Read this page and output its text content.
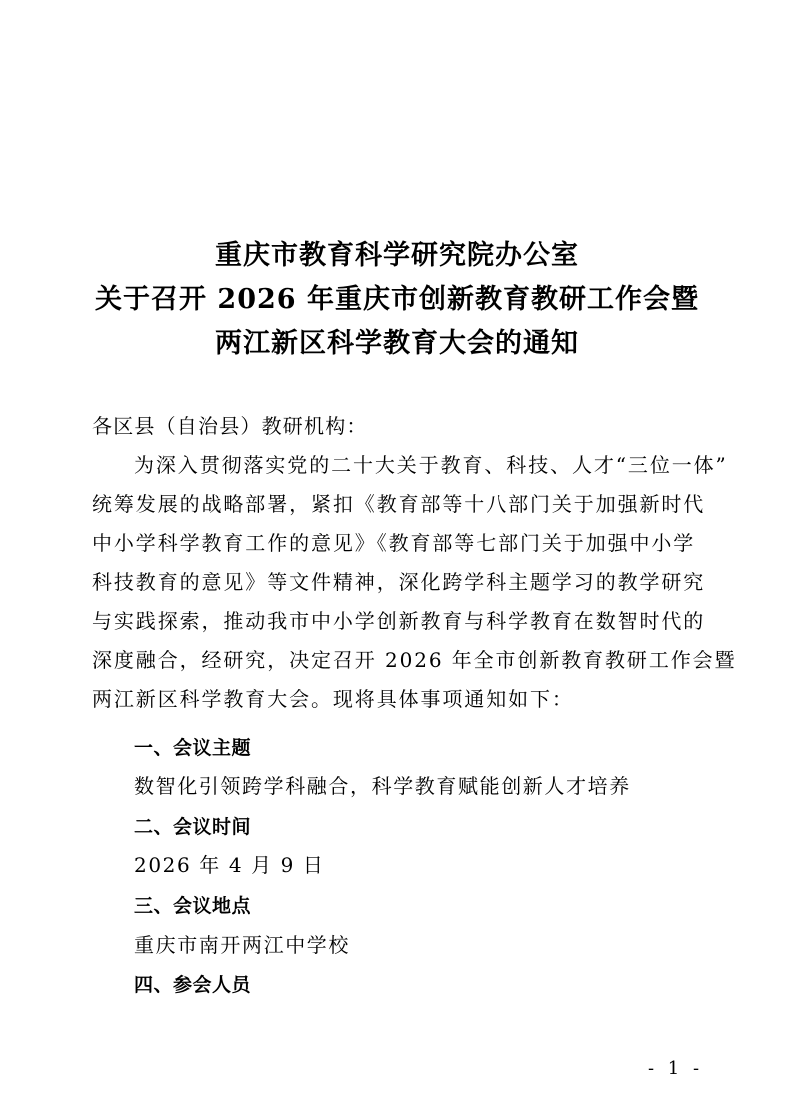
重庆市教育科学研究院办公室
关于召开 2026 年重庆市创新教育教研工作会暨
两江新区科学教育大会的通知
各区县（自治县）教研机构：
为深入贯彻落实党的二十大关于教育、科技、人才“三位一体”
统筹发展的战略部署，紧扣《教育部等十八部门关于加强新时代
中小学科学教育工作的意见》《教育部等七部门关于加强中小学
科技教育的意见》等文件精神，深化跨学科主题学习的教学研究
与实践探索，推动我市中小学创新教育与科学教育在数智时代的
深度融合，经研究，决定召开 2026 年全市创新教育教研工作会暨
两江新区科学教育大会。现将具体事项通知如下：
一、会议主题
数智化引领跨学科融合，科学教育赋能创新人才培养
二、会议时间
2026 年 4 月 9 日
三、会议地点
重庆市南开两江中学校
四、参会人员
- 1 -
